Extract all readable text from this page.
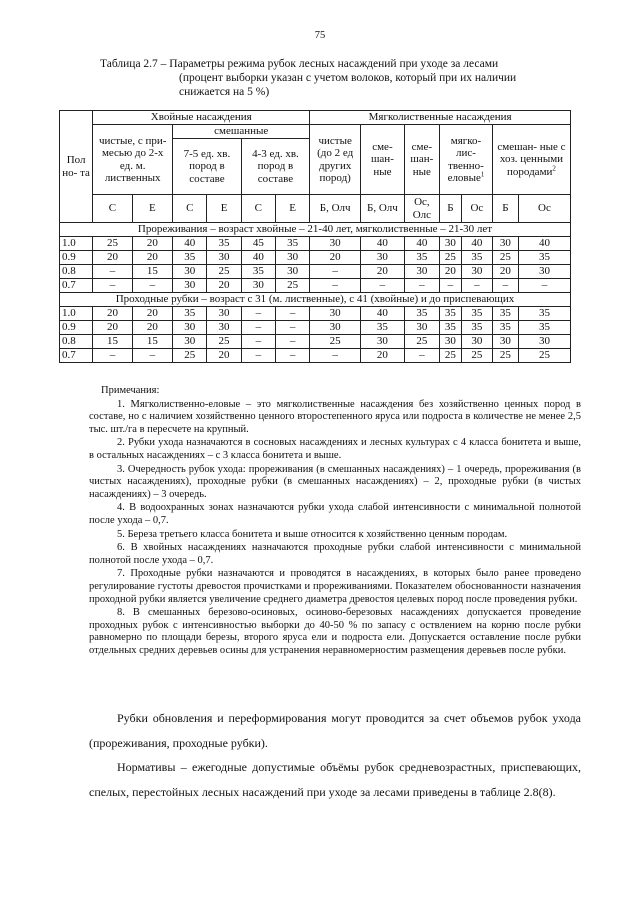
75
Таблица 2.7 – Параметры режима рубок лесных насаждений при уходе за лесами
(процент выборки указан с учетом волоков, который при их наличии
снижается на 5 %)
Пол но- та	Хвойные насаждения						Мягколиственные насаждения						
	чистые, с при- месью до 2-х ед. м. лиственных		смешанные				чистые (до 2 ед других пород)	сме- шан- ные	сме- шан- ные	мягко- лис- твенно- еловые$^1$		смешан- ные с хоз. ценными породами$^2$
			7-5 ед. хв. пород в составе		4-3 ед. хв. пород в составе								
	С	Е	С	Е	С	Е	Б, Олч	Б, Олч	Ос, Олс	Б	Ос	Б	Ос
Прореживания – возраст хвойные – 21-40 лет, мягколиственные – 21-30 лет													
1.0	25	20	40	35	45	35	30	40	40	30	40	30	40
0.9	20	20	35	30	40	30	20	30	35	25	35	25	35
0.8	–	15	30	25	35	30	–	20	30	20	30	20	30
0.7	–	–	30	20	30	25	–	–	–	–	–	–	–
Проходные рубки – возраст с 31 (м. лиственные), с 41 (хвойные) и до приспевающих													
1.0	20	20	35	30	–	–	30	40	35	35	35	35	35
0.9	20	20	30	30	–	–	30	35	30	35	35	35	35
0.8	15	15	30	25	–	–	25	30	25	30	30	30	30
0.7	–	–	25	20	–	–	–	20	–	25	25	25	25

Примечания:

1. Мягколиственно-еловые – это мягколиственные насаждения без хозяйственно ценных пород в составе, но с наличием хозяйственно ценного второстепенного яруса или подроста в количестве не менее 2,5 тыс. шт./га в пересчете на крупный.

2. Рубки ухода назначаются в сосновых насаждениях и лесных культурах с 4 класса бонитета и выше, в остальных насаждениях – с 3 класса бонитета и выше.

3. Очередность рубок ухода: прореживания (в смешанных насаждениях) – 1 очередь, прореживания (в чистых насаждениях), проходные рубки (в смешанных насаждениях) – 2, проходные рубки (в чистых насаждениях) – 3 очередь.

4. В водоохранных зонах назначаются рубки ухода слабой интенсивности с минимальной полнотой после ухода – 0,7.

5. Береза третьего класса бонитета и выше относится к хозяйственно ценным породам.

6. В хвойных насаждениях назначаются проходные рубки слабой интенсивности с минимальной полнотой после ухода – 0,7.

7. Проходные рубки назначаются и проводятся в насаждениях, в которых было ранее проведено регулирование густоты древостоя прочистками и прореживаниями. Показателем обоснованности назначения проходной рубки является увеличение среднего диаметра древостоя целевых пород после проведения рубки.

8. В смешанных березово-осиновых, осиново-березовых насаждениях допускается проведение проходных рубок с интенсивностью выборки до 40-50 % по запасу с оствлением на корню после рубки равномерно по площади березы, второго яруса ели и подроста ели. Допускается оставление после рубки отдельных средних деревьев осины для устранения неравномерностим размещения деревьев после рубки.

Рубки обновления и переформирования могут проводится за счет объемов рубок ухода (прореживания, проходные рубки).

Нормативы – ежегодные допустимые объёмы рубок средневозрастных, приспевающих, спелых, перестойных лесных насаждений при уходе за лесами приведены в таблице 2.8(8).
